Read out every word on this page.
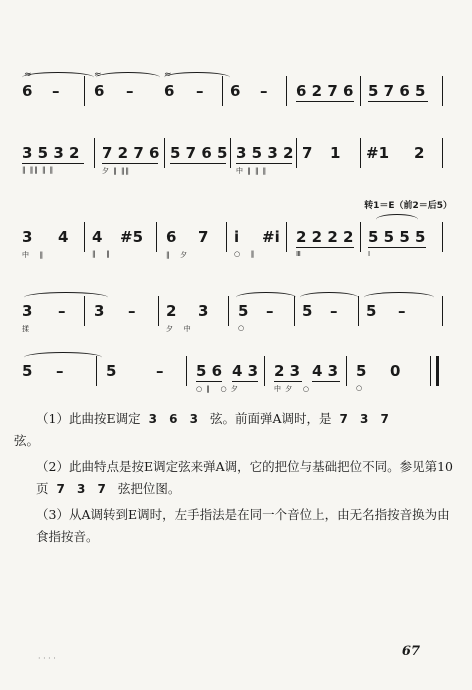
≈	≈	≈
6 – 6 – 6 – 6 – 6 2 7 6 5 7 6 5
3 5 3 2 7 2 7 6 5 7 6 5 3 5 3 2 7 1 #1 2
‖ ‖‖ ‖ ‖	夕 ‖ ‖‖	中 ‖ ‖ ‖
转1＝E（前2＝后5）
3 4 4 #5 6 7 i #i 2 2 2 2 5 5 5 5
中   ‖	‖   ‖	‖   夕	○   ‖	Ⅲ	Ⅰ
3 – 3 – 2 3 5 – 5 – 5 –
揉	夕   中	○
5 –	5	– 5 6 4 3 2 3 4 3 5 0
○ ‖   ○ 夕	中 夕   ○	○

（1）此曲按E调定 3 6 3 弦。前面弹A调时，是 7 3 7

弦。

（2）此曲特点是按E调定弦来弹A调，它的把位与基础把位不同。参见第10页 7 3 7 弦把位图。

（3）从A调转到E调时，左手指法是在同一个音位上，由无名指按音换为由食指按音。

· · · ·	67
